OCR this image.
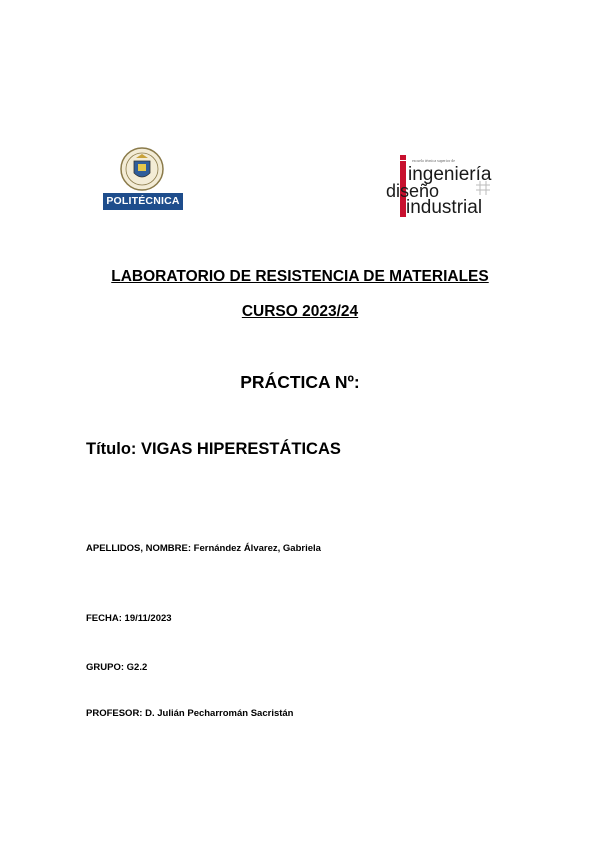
POLITÉCNICA
escuela técnica superior de
ingeniería
diseño
industrial
LABORATORIO DE RESISTENCIA DE MATERIALES
CURSO 2023/24
PRÁCTICA Nº:
Título: VIGAS HIPERESTÁTICAS
APELLIDOS, NOMBRE: Fernández Álvarez, Gabriela
FECHA: 19/11/2023
GRUPO: G2.2
PROFESOR: D. Julián Pecharromán Sacristán
